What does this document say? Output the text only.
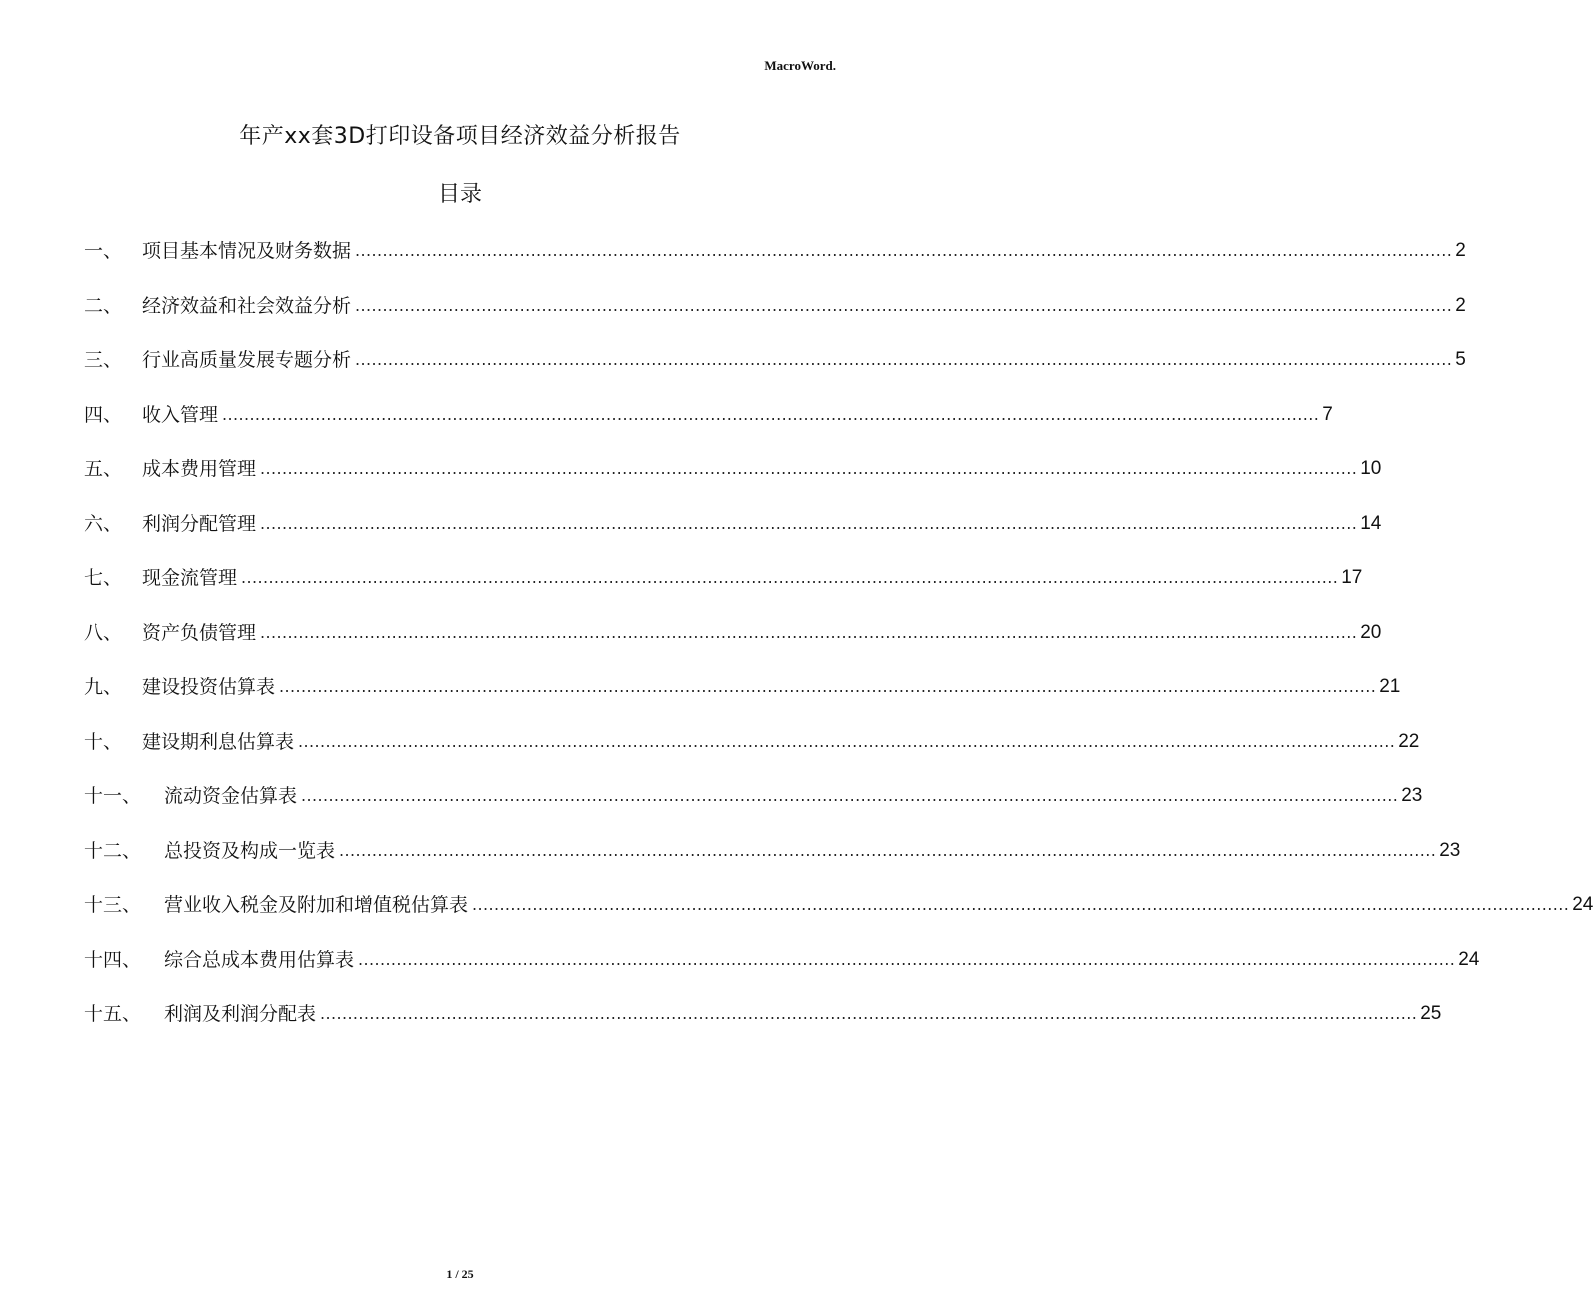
MacroWord.
年产xx套3D打印设备项目经济效益分析报告
目录
一、	项目基本情况及财务数据 ........................................................................................................................................................................................................ 2
二、	经济效益和社会效益分析 ........................................................................................................................................................................................................ 2
三、	行业高质量发展专题分析 ........................................................................................................................................................................................................ 5
四、	收入管理 ........................................................................................................................................................................................................ 7
五、	成本费用管理 ........................................................................................................................................................................................................ 10
六、	利润分配管理 ........................................................................................................................................................................................................ 14
七、	现金流管理 ........................................................................................................................................................................................................ 17
八、	资产负债管理 ........................................................................................................................................................................................................ 20
九、	建设投资估算表 ........................................................................................................................................................................................................ 21
十、	建设期利息估算表 ........................................................................................................................................................................................................ 22
十一、	流动资金估算表 ........................................................................................................................................................................................................ 23
十二、	总投资及构成一览表 ........................................................................................................................................................................................................ 23
十三、	营业收入税金及附加和增值税估算表 ........................................................................................................................................................................................................ 24
十四、	综合总成本费用估算表 ........................................................................................................................................................................................................ 24
十五、	利润及利润分配表 ........................................................................................................................................................................................................ 25
1 / 25
